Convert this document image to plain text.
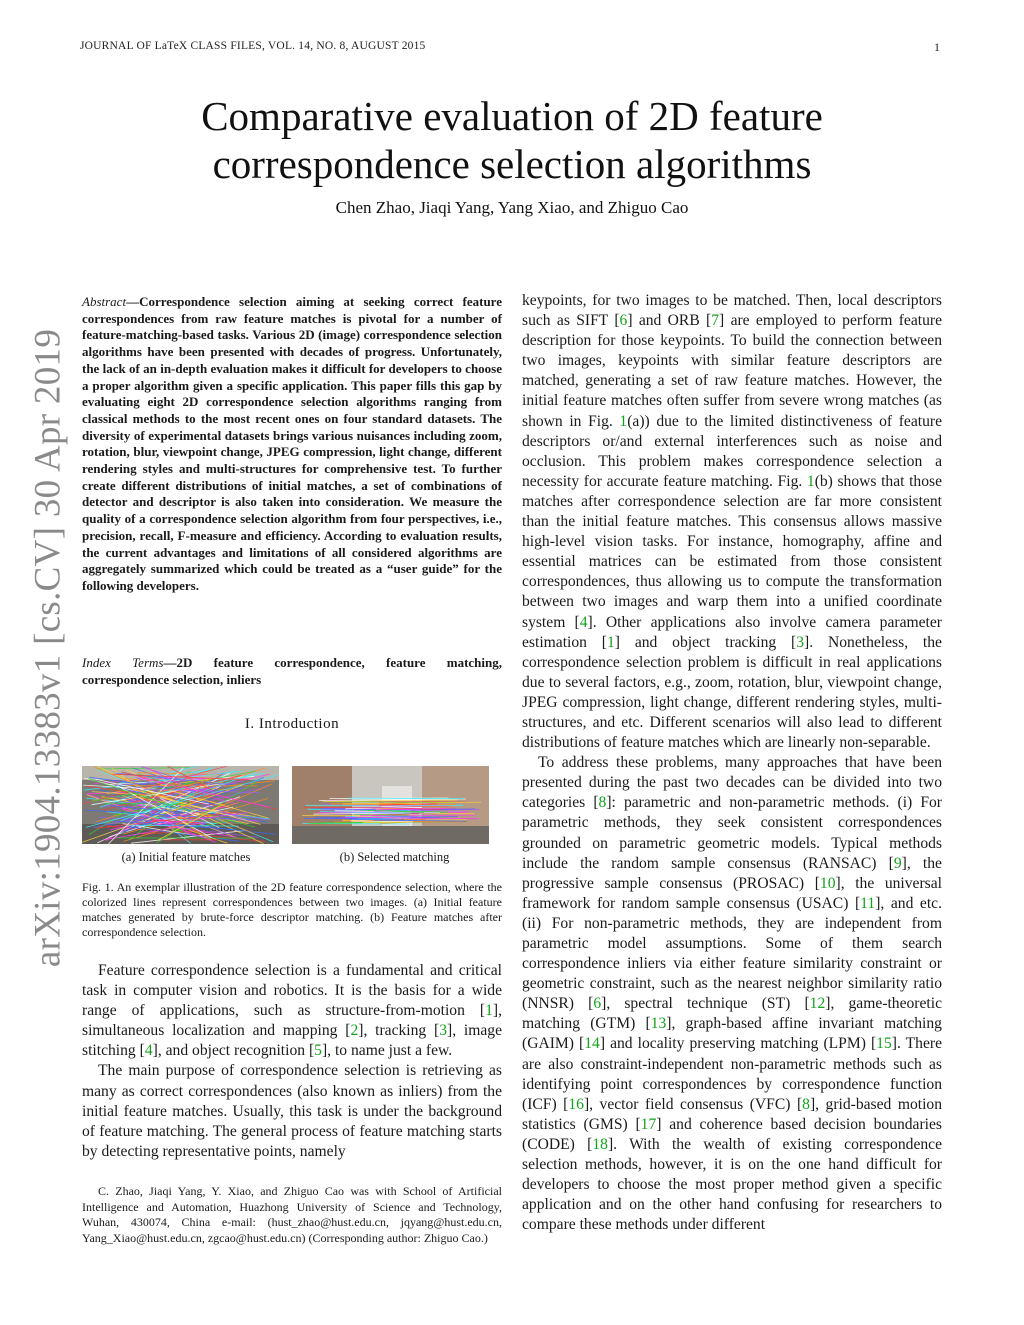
JOURNAL OF LaTeX CLASS FILES, VOL. 14, NO. 8, AUGUST 2015	1
Comparative evaluation of 2D feature correspondence selection algorithms
Chen Zhao, Jiaqi Yang, Yang Xiao, and Zhiguo Cao
arXiv:1904.13383v1 [cs.CV] 30 Apr 2019
Abstract—Correspondence selection aiming at seeking correct feature correspondences from raw feature matches is pivotal for a number of feature-matching-based tasks. Various 2D (image) correspondence selection algorithms have been presented with decades of progress. Unfortunately, the lack of an in-depth evaluation makes it difficult for developers to choose a proper algorithm given a specific application. This paper fills this gap by evaluating eight 2D correspondence selection algorithms ranging from classical methods to the most recent ones on four standard datasets. The diversity of experimental datasets brings various nuisances including zoom, rotation, blur, viewpoint change, JPEG compression, light change, different rendering styles and multi-structures for comprehensive test. To further create different distributions of initial matches, a set of combinations of detector and descriptor is also taken into consideration. We measure the quality of a correspondence selection algorithm from four perspectives, i.e., precision, recall, F-measure and efficiency. According to evaluation results, the current advantages and limitations of all considered algorithms are aggregately summarized which could be treated as a “user guide” for the following developers.
Index Terms—2D feature correspondence, feature matching, correspondence selection, inliers
I. Introduction
(a) Initial feature matches	(b) Selected matching
Fig. 1. An exemplar illustration of the 2D feature correspondence selection, where the colorized lines represent correspondences between two images. (a) Initial feature matches generated by brute-force descriptor matching. (b) Feature matches after correspondence selection.

Feature correspondence selection is a fundamental and critical task in computer vision and robotics. It is the basis for a wide range of applications, such as structure-from-motion [1], simultaneous localization and mapping [2], tracking [3], image stitching [4], and object recognition [5], to name just a few.

The main purpose of correspondence selection is retrieving as many as correct correspondences (also known as inliers) from the initial feature matches. Usually, this task is under the background of feature matching. The general process of feature matching starts by detecting representative points, namely

C. Zhao, Jiaqi Yang, Y. Xiao, and Zhiguo Cao was with School of Artificial Intelligence and Automation, Huazhong University of Science and Technology, Wuhan, 430074, China e-mail: (hust_zhao@hust.edu.cn, jqyang@hust.edu.cn, Yang_Xiao@hust.edu.cn, zgcao@hust.edu.cn) (Corresponding author: Zhiguo Cao.)

keypoints, for two images to be matched. Then, local descriptors such as SIFT [6] and ORB [7] are employed to perform feature description for those keypoints. To build the connection between two images, keypoints with similar feature descriptors are matched, generating a set of raw feature matches. However, the initial feature matches often suffer from severe wrong matches (as shown in Fig. 1(a)) due to the limited distinctiveness of feature descriptors or/and external interferences such as noise and occlusion. This problem makes correspondence selection a necessity for accurate feature matching. Fig. 1(b) shows that those matches after correspondence selection are far more consistent than the initial feature matches. This consensus allows massive high-level vision tasks. For instance, homography, affine and essential matrices can be estimated from those consistent correspondences, thus allowing us to compute the transformation between two images and warp them into a unified coordinate system [4]. Other applications also involve camera parameter estimation [1] and object tracking [3]. Nonetheless, the correspondence selection problem is difficult in real applications due to several factors, e.g., zoom, rotation, blur, viewpoint change, JPEG compression, light change, different rendering styles, multi-structures, and etc. Different scenarios will also lead to different distributions of feature matches which are linearly non-separable.

To address these problems, many approaches that have been presented during the past two decades can be divided into two categories [8]: parametric and non-parametric methods. (i) For parametric methods, they seek consistent correspondences grounded on parametric geometric models. Typical methods include the random sample consensus (RANSAC) [9], the progressive sample consensus (PROSAC) [10], the universal framework for random sample consensus (USAC) [11], and etc. (ii) For non-parametric methods, they are independent from parametric model assumptions. Some of them search correspondence inliers via either feature similarity constraint or geometric constraint, such as the nearest neighbor similarity ratio (NNSR) [6], spectral technique (ST) [12], game-theoretic matching (GTM) [13], graph-based affine invariant matching (GAIM) [14] and locality preserving matching (LPM) [15]. There are also constraint-independent non-parametric methods such as identifying point correspondences by correspondence function (ICF) [16], vector field consensus (VFC) [8], grid-based motion statistics (GMS) [17] and coherence based decision boundaries (CODE) [18]. With the wealth of existing correspondence selection methods, however, it is on the one hand difficult for developers to choose the most proper method given a specific application and on the other hand confusing for researchers to compare these methods under different
